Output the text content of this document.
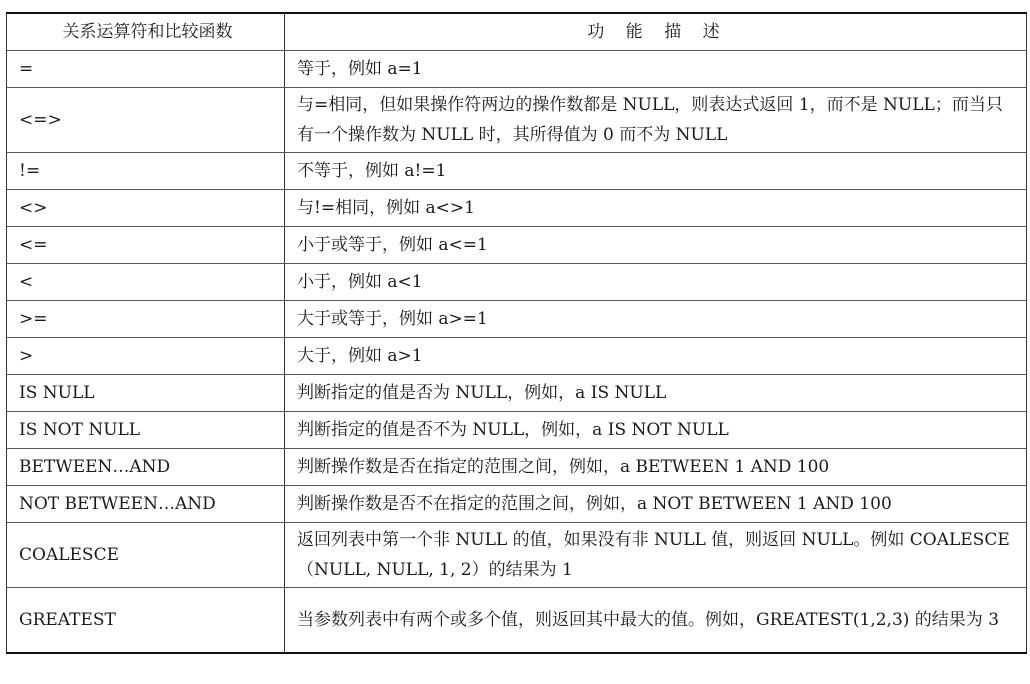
关系运算符和比较函数	功 能 描 述
=	等于，例如 a=1
<=>	与=相同，但如果操作符两边的操作数都是 NULL，则表达式返回 1，而不是 NULL；而当只有一个操作数为 NULL 时，其所得值为 0 而不为 NULL
!=	不等于，例如 a!=1
<>	与!=相同，例如 a<>1
<=	小于或等于，例如 a<=1
<	小于，例如 a<1
>=	大于或等于，例如 a>=1
>	大于，例如 a>1
IS NULL	判断指定的值是否为 NULL，例如，a IS NULL
IS NOT NULL	判断指定的值是否不为 NULL，例如，a IS NOT NULL
BETWEEN…AND	判断操作数是否在指定的范围之间，例如，a BETWEEN 1 AND 100
NOT BETWEEN…AND	判断操作数是否不在指定的范围之间，例如，a NOT BETWEEN 1 AND 100
COALESCE	返回列表中第一个非 NULL 的值，如果没有非 NULL 值，则返回 NULL。例如 COALESCE（NULL, NULL, 1, 2）的结果为 1
GREATEST	当参数列表中有两个或多个值，则返回其中最大的值。例如，GREATEST(1,2,3) 的结果为 3
